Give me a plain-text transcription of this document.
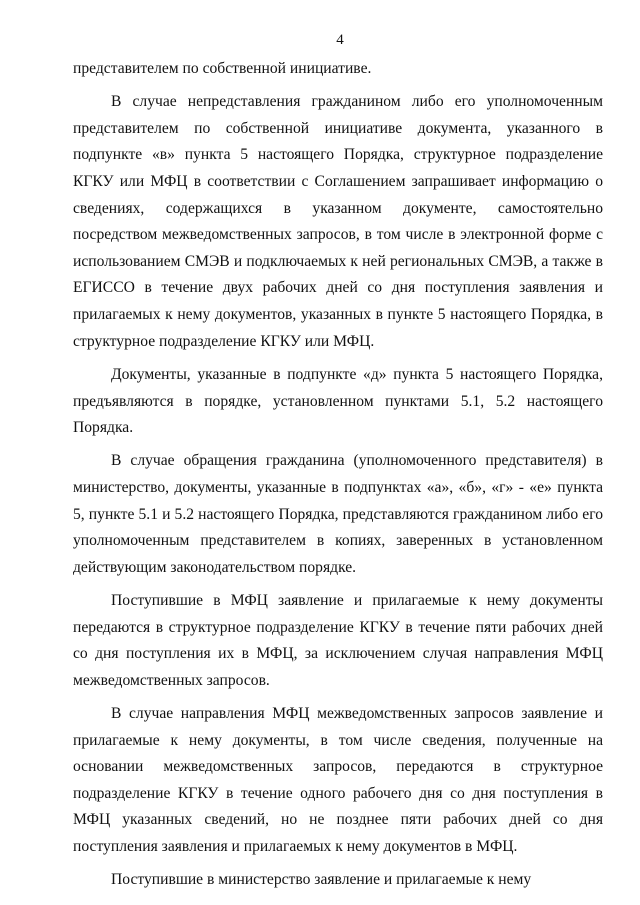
4

представителем по собственной инициативе.

В случае непредставления гражданином либо его уполномоченным представителем по собственной инициативе документа, указанного в подпункте «в» пункта 5 настоящего Порядка, структурное подразделение КГКУ или МФЦ в соответствии с Соглашением запрашивает информацию о сведениях, содержащихся в указанном документе, самостоятельно посредством межведомственных запросов, в том числе в электронной форме с использованием СМЭВ и подключаемых к ней региональных СМЭВ, а также в ЕГИССО в течение двух рабочих дней со дня поступления заявления и прилагаемых к нему документов, указанных в пункте 5 настоящего Порядка, в структурное подразделение КГКУ или МФЦ.

Документы, указанные в подпункте «д» пункта 5 настоящего Порядка, предъявляются в порядке, установленном пунктами 5.1, 5.2 настоящего Порядка.

В случае обращения гражданина (уполномоченного представителя) в министерство, документы, указанные в подпунктах «а», «б», «г» - «е» пункта 5, пункте 5.1 и 5.2 настоящего Порядка, представляются гражданином либо его уполномоченным представителем в копиях, заверенных в установленном действующим законодательством порядке.

Поступившие в МФЦ заявление и прилагаемые к нему документы передаются в структурное подразделение КГКУ в течение пяти рабочих дней со дня поступления их в МФЦ, за исключением случая направления МФЦ межведомственных запросов.

В случае направления МФЦ межведомственных запросов заявление и прилагаемые к нему документы, в том числе сведения, полученные на основании межведомственных запросов, передаются в структурное подразделение КГКУ в течение одного рабочего дня со дня поступления в МФЦ указанных сведений, но не позднее пяти рабочих дней со дня поступления заявления и прилагаемых к нему документов в МФЦ.

Поступившие в министерство заявление и прилагаемые к нему
